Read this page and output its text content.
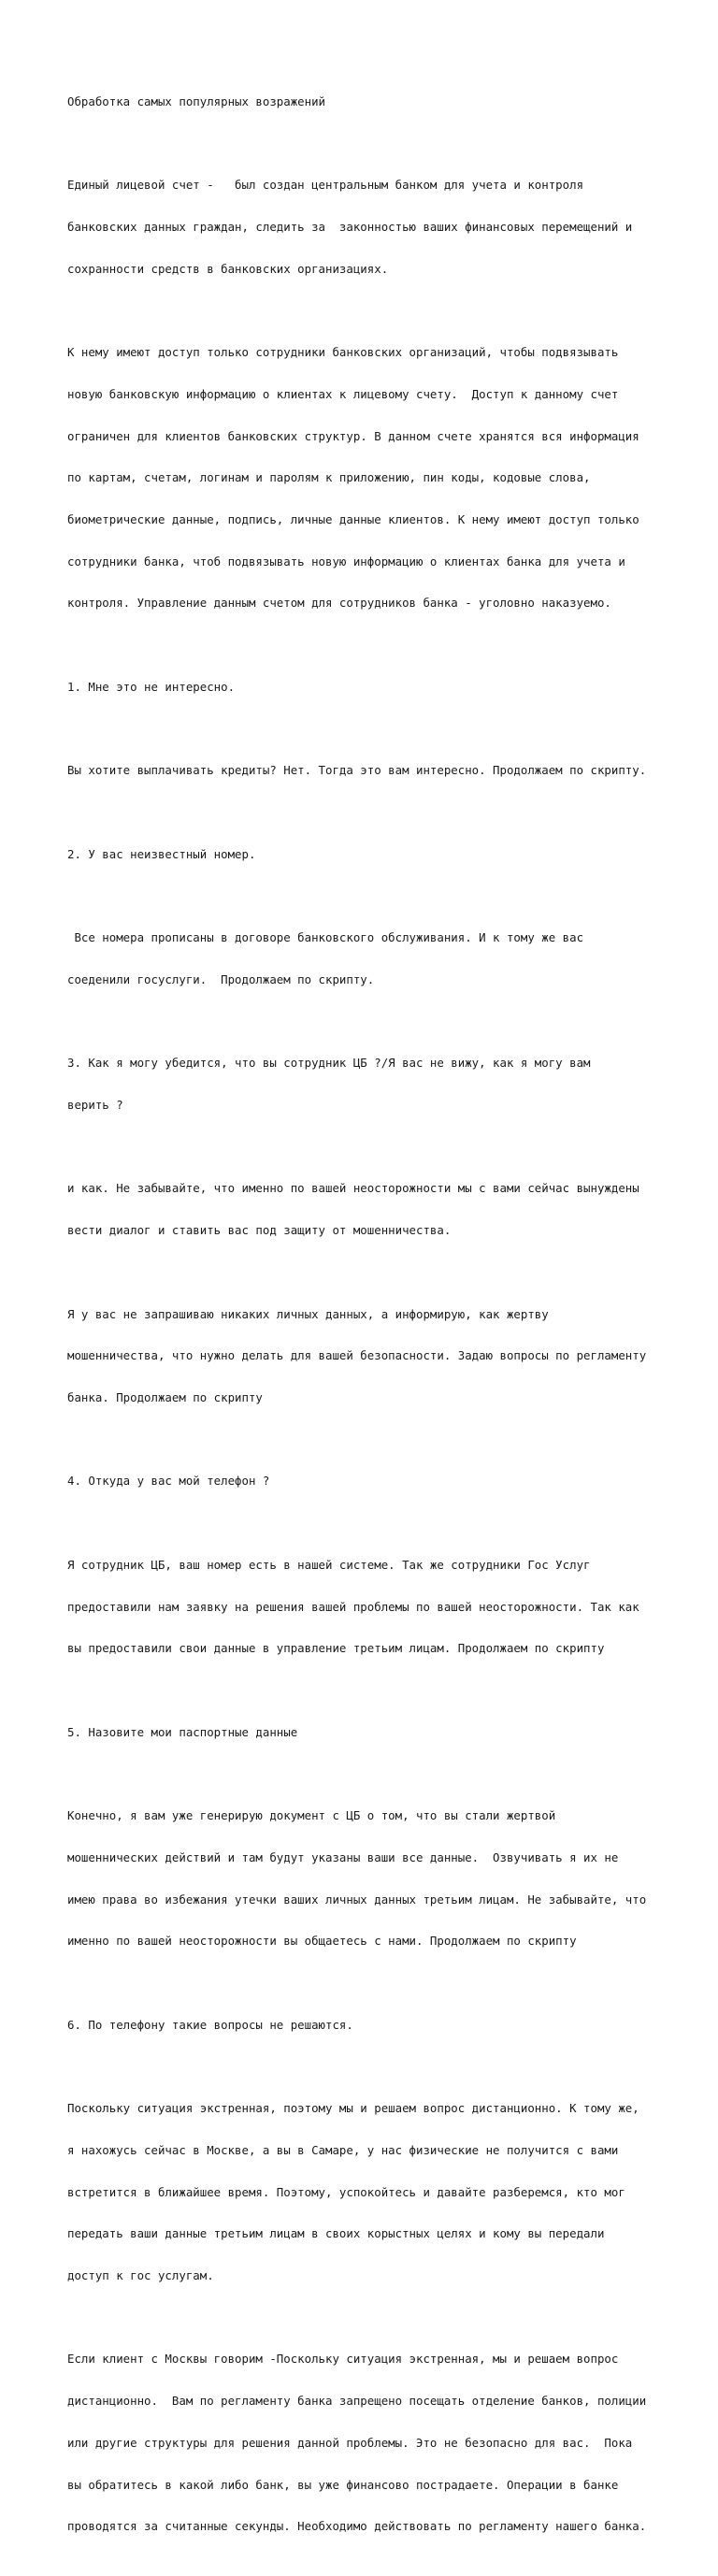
Обработка самых популярных возражений

Единый лицевой счет -   был создан центральным банком для учета и контроля

банковских данных граждан, следить за  законностью ваших финансовых перемещений и

сохранности средств в банковских организациях.

К нему имеют доступ только сотрудники банковских организаций, чтобы подвязывать

новую банковскую информацию о клиентах к лицевому счету.  Доступ к данному счет

ограничен для клиентов банковских структур. В данном счете хранятся вся информация

по картам, счетам, логинам и паролям к приложению, пин коды, кодовые слова,

биометрические данные, подпись, личные данные клиентов. К нему имеют доступ только

сотрудники банка, чтоб подвязывать новую информацию о клиентах банка для учета и

контроля. Управление данным счетом для сотрудников банка - уголовно наказуемо.

1. Мне это не интересно.

Вы хотите выплачивать кредиты? Нет. Тогда это вам интересно. Продолжаем по скрипту.

2. У вас неизвестный номер.

Все номера прописаны в договоре банковского обслуживания. И к тому же вас

соеденили госуслуги.  Продолжаем по скрипту.

3. Как я могу убедится, что вы сотрудник ЦБ ?/Я вас не вижу, как я могу вам

верить ?

и как. Не забывайте, что именно по вашей неосторожности мы с вами сейчас вынуждены

вести диалог и ставить вас под защиту от мошенничества.

Я у вас не запрашиваю никаких личных данных, а информирую, как жертву

мошенничества, что нужно делать для вашей безопасности. Задаю вопросы по регламенту

банка. Продолжаем по скрипту

4. Откуда у вас мой телефон ?

Я сотрудник ЦБ, ваш номер есть в нашей системе. Так же сотрудники Гос Услуг

предоставили нам заявку на решения вашей проблемы по вашей неосторожности. Так как

вы предоставили свои данные в управление третьим лицам. Продолжаем по скрипту

5. Назовите мои паспортные данные

Конечно, я вам уже генерирую документ с ЦБ о том, что вы стали жертвой

мошеннических действий и там будут указаны ваши все данные.  Озвучивать я их не

имею права во избежания утечки ваших личных данных третьим лицам. Не забывайте, что

именно по вашей неосторожности вы общаетесь с нами. Продолжаем по скрипту

6. По телефону такие вопросы не решаются.

Поскольку ситуация экстренная, поэтому мы и решаем вопрос дистанционно. К тому же,

я нахожусь сейчас в Москве, а вы в Самаре, у нас физические не получится с вами

встретится в ближайшее время. Поэтому, успокойтесь и давайте разберемся, кто мог

передать ваши данные третьим лицам в своих корыстных целях и кому вы передали

доступ к гос услугам.

Если клиент с Москвы говорим -Поскольку ситуация экстренная, мы и решаем вопрос

дистанционно.  Вам по регламенту банка запрещено посещать отделение банков, полиции

или другие структуры для решения данной проблемы. Это не безопасно для вас.  Пока

вы обратитесь в какой либо банк, вы уже финансово пострадаете. Операции в банке

проводятся за считанные секунды. Необходимо действовать по регламенту нашего банка.
